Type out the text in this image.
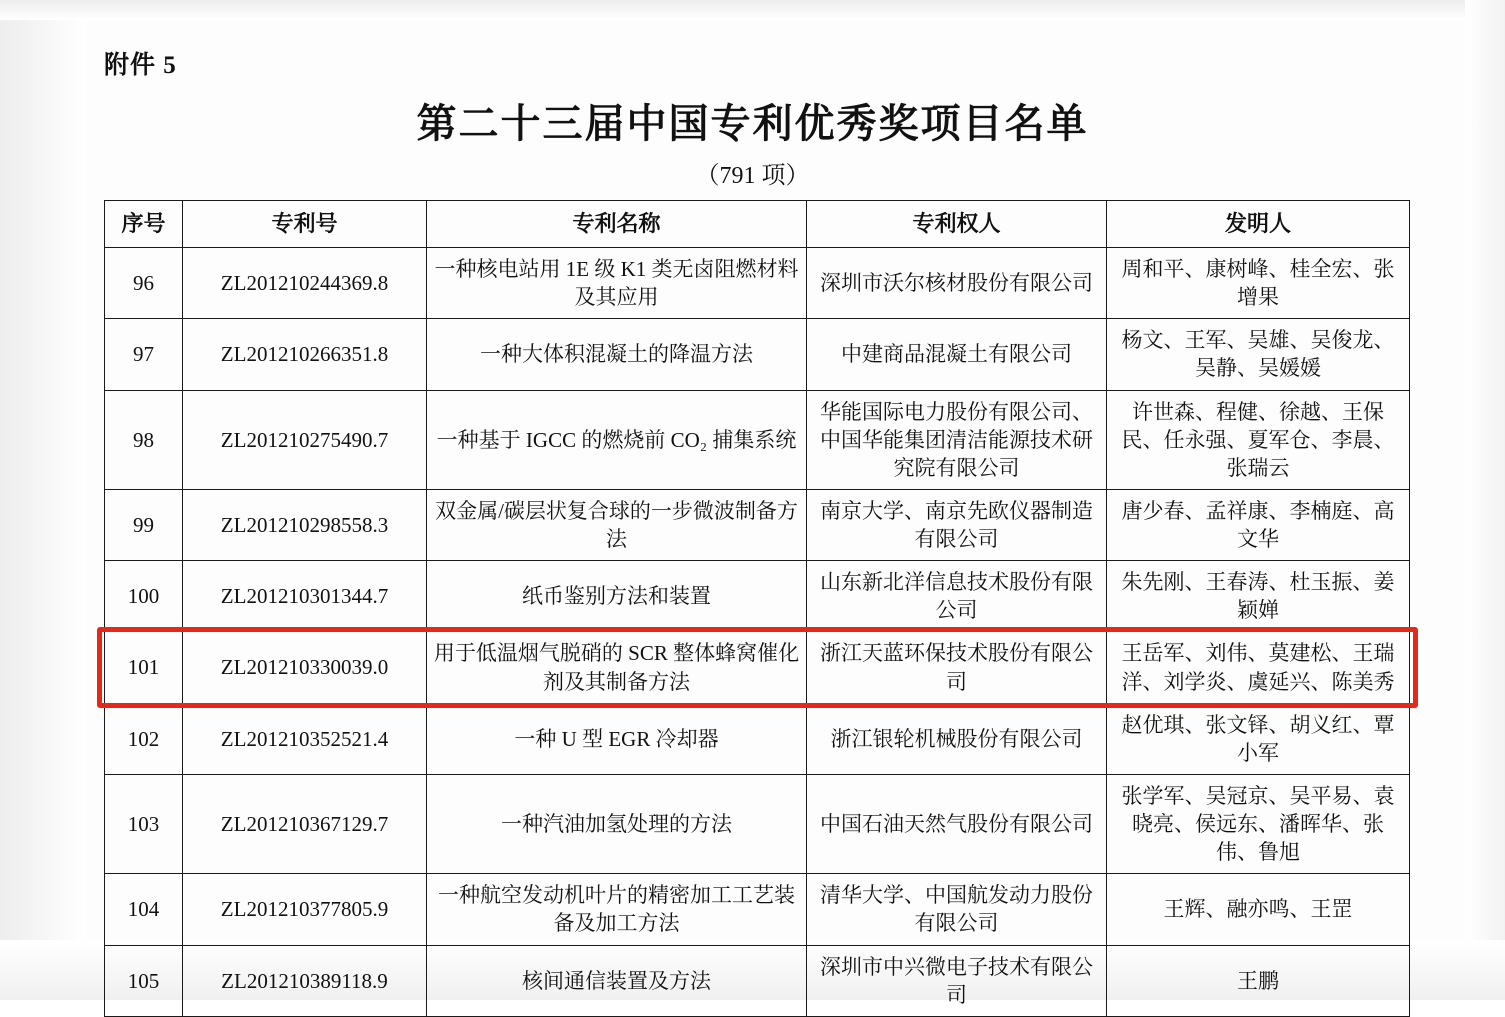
附件 5
第二十三届中国专利优秀奖项目名单
（791 项）
序号	专利号	专利名称	专利权人	发明人
96	ZL201210244369.8	一种核电站用 1E 级 K1 类无卤阻燃材料及其应用	深圳市沃尔核材股份有限公司	周和平、康树峰、桂全宏、张增果
97	ZL201210266351.8	一种大体积混凝土的降温方法	中建商品混凝土有限公司	杨文、王军、吴雄、吴俊龙、吴静、吴媛媛
98	ZL201210275490.7	一种基于 IGCC 的燃烧前 CO₂ 捕集系统	华能国际电力股份有限公司、中国华能集团清洁能源技术研究院有限公司	许世森、程健、徐越、王保民、任永强、夏军仓、李晨、张瑞云
99	ZL201210298558.3	双金属/碳层状复合球的一步微波制备方法	南京大学、南京先欧仪器制造有限公司	唐少春、孟祥康、李楠庭、高文华
100	ZL201210301344.7	纸币鉴别方法和装置	山东新北洋信息技术股份有限公司	朱先刚、王春涛、杜玉振、姜颖婵
101	ZL201210330039.0	用于低温烟气脱硝的 SCR 整体蜂窝催化剂及其制备方法	浙江天蓝环保技术股份有限公司	王岳军、刘伟、莫建松、王瑞洋、刘学炎、虞延兴、陈美秀
102	ZL201210352521.4	一种 U 型 EGR 冷却器	浙江银轮机械股份有限公司	赵优琪、张文铎、胡义红、覃小军
103	ZL201210367129.7	一种汽油加氢处理的方法	中国石油天然气股份有限公司	张学军、吴冠京、吴平易、袁晓亮、侯远东、潘晖华、张伟、鲁旭
104	ZL201210377805.9	一种航空发动机叶片的精密加工工艺装备及加工方法	清华大学、中国航发动力股份有限公司	王辉、融亦鸣、王罡
105	ZL201210389118.9	核间通信装置及方法	深圳市中兴微电子技术有限公司	王鹏
